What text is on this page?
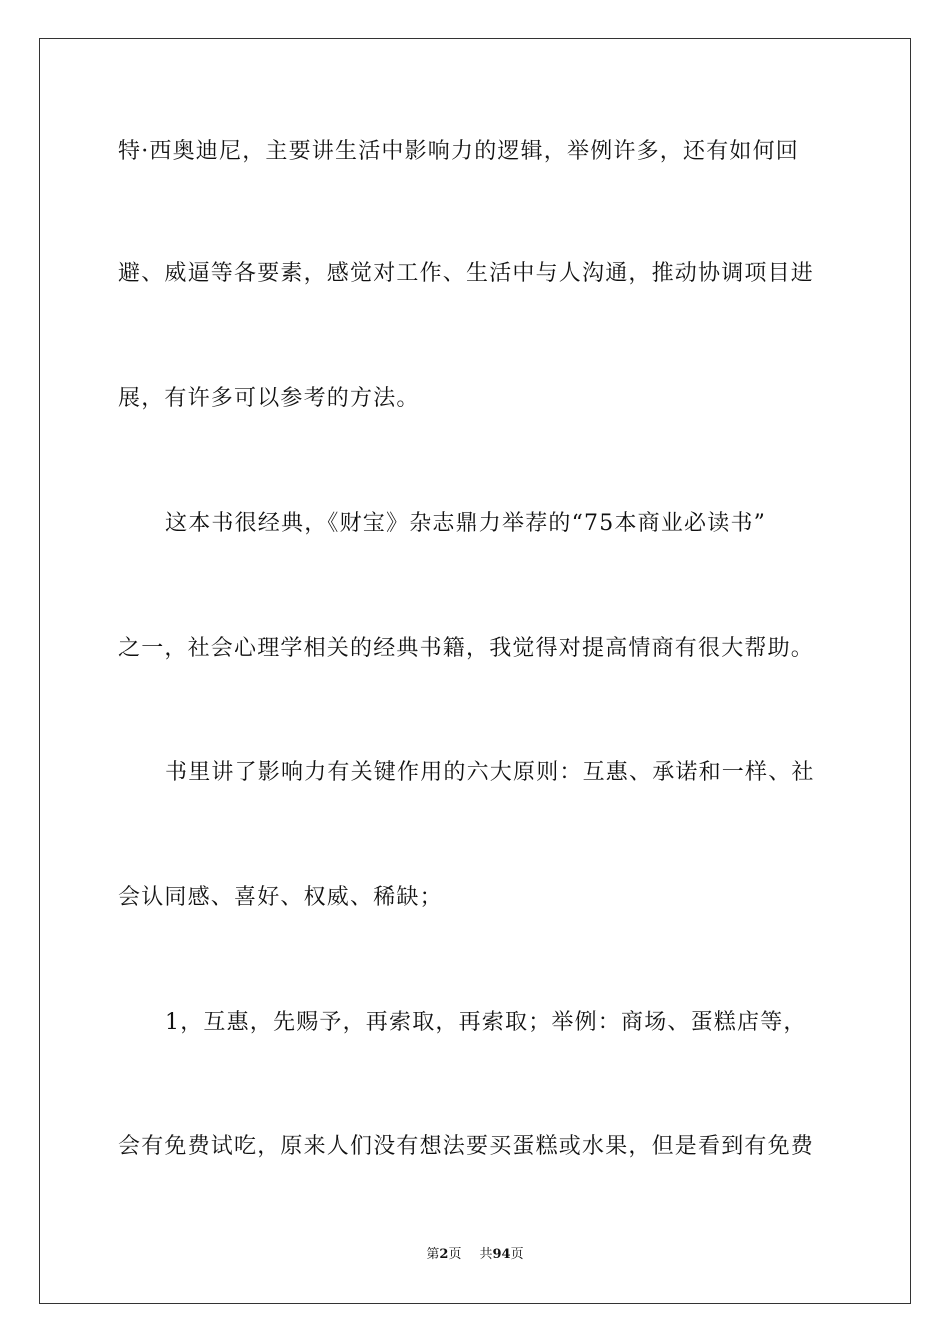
特·西奥迪尼，主要讲生活中影响力的逻辑，举例许多，还有如何回
避、威逼等各要素，感觉对工作、生活中与人沟通，推动协调项目进
展，有许多可以参考的方法。
这本书很经典，《财宝》杂志鼎力举荐的“75本商业必读书”
之一，社会心理学相关的经典书籍，我觉得对提高情商有很大帮助。
书里讲了影响力有关键作用的六大原则：互惠、承诺和一样、社
会认同感、喜好、权威、稀缺；
1，互惠，先赐予，再索取，再索取；举例：商场、蛋糕店等，
会有免费试吃，原来人们没有想法要买蛋糕或水果，但是看到有免费
第2页 共94页
